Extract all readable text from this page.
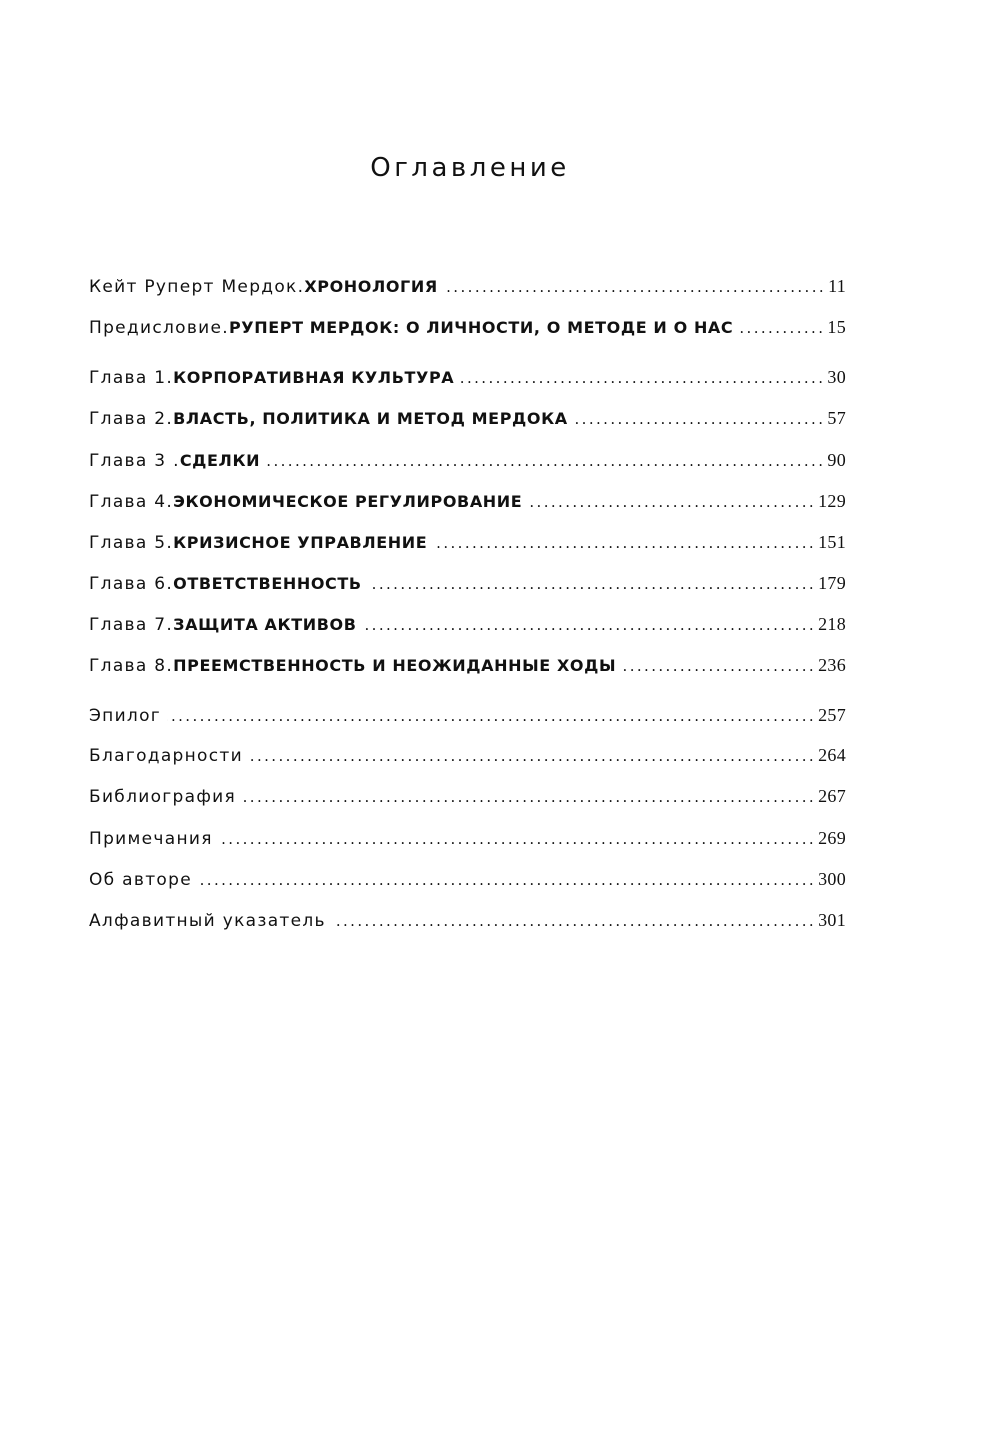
Оглавление
Кейт Руперт Мердок. ХРОНОЛОГИЯ .....	11
Предисловие. РУПЕРТ МЕРДОК: О ЛИЧНОСТИ, О МЕТОДЕ И О НАС .....	15
Глава 1. КОРПОРАТИВНАЯ КУЛЬТУРА .....	30
Глава 2. ВЛАСТЬ, ПОЛИТИКА И МЕТОД МЕРДОКА .....	57
Глава 3 . СДЕЛКИ .....	90
Глава 4. ЭКОНОМИЧЕСКОЕ РЕГУЛИРОВАНИЕ .....	129
Глава 5. КРИЗИСНОЕ УПРАВЛЕНИЕ .....	151
Глава 6. ОТВЕТСТВЕННОСТЬ .....	179
Глава 7. ЗАЩИТА АКТИВОВ .....	218
Глава 8. ПРЕЕМСТВЕННОСТЬ И НЕОЖИДАННЫЕ ХОДЫ .....	236
Эпилог .....	257
Благодарности .....	264
Библиография .....	267
Примечания .....	269
Об авторе .....	300
Алфавитный указатель .....	301
